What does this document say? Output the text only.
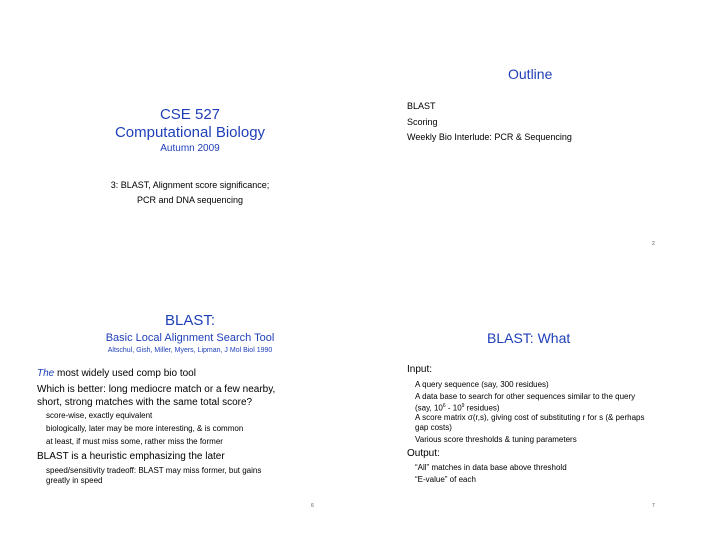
CSE 527
Computational Biology
Autumn 2009
3: BLAST, Alignment score significance;
PCR and DNA sequencing
Outline
BLAST
Scoring
Weekly Bio Interlude: PCR & Sequencing
2
BLAST:
Basic Local Alignment Search Tool
Altschul, Gish, Miller, Myers, Lipman, J Mol Biol 1990
The most widely used comp bio tool
Which is better: long mediocre match or a few nearby,
short, strong matches with the same total score?
score-wise, exactly equivalent
biologically, later may be more interesting, & is common
at least, if must miss some, rather miss the former
BLAST is a heuristic emphasizing the later
speed/sensitivity tradeoff: BLAST may miss former, but gains
greatly in speed
6
BLAST: What
Input:
A query sequence (say, 300 residues)
A data base to search for other sequences similar to the query
(say, $10^6 - 10^9$ residues)
A score matrix σ(r,s), giving cost of substituting r for s (& perhaps
gap costs)
Various score thresholds & tuning parameters
Output:
“All” matches in data base above threshold
“E-value” of each
7
